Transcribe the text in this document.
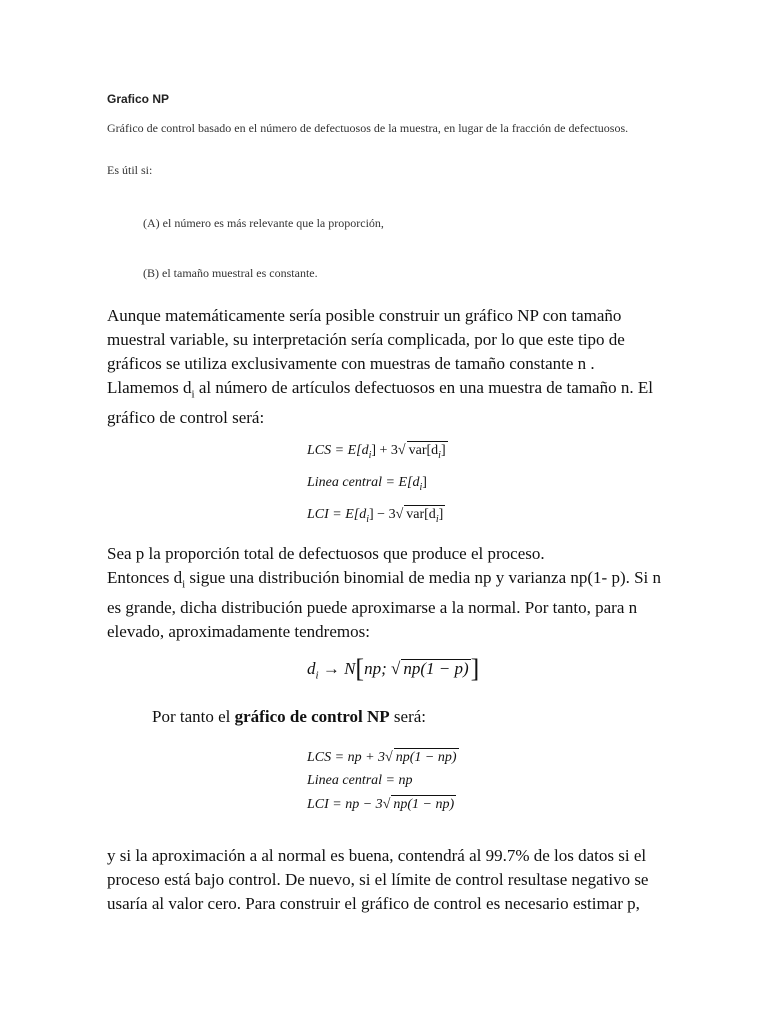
Grafico NP
Gráfico de control basado en el número de defectuosos de la muestra, en lugar de la fracción de defectuosos.
Es útil si:
(A) el número es más relevante que la proporción,
(B) el tamaño muestral es constante.
Aunque matemáticamente sería posible construir un gráfico NP con tamaño
muestral variable, su interpretación sería complicada, por lo que este tipo de
gráficos se utiliza exclusivamente con muestras de tamaño constante n .
Llamemos $d_i$ al número de artículos defectuosos en una muestra de tamaño n. El
gráfico de control será:
LCS = $E[d_i] + 3√$ $var[d_i]$
Linea central = $E[d_i]$
LCI = $E[d_i] - 3√$ $var[d_i]$
Sea p la proporción total de defectuosos que produce el proceso.
Entonces $d_i$ sigue una distribución binomial de media np y varianza np(1- p). Si n
es grande, dicha distribución puede aproximarse a la normal. Por tanto, para n
elevado, aproximadamente tendremos:
$d_i \to N[np$; √ np(1 − p)]
Por tanto el gráfico de control NP será:
LCS = np + 3√ np(1 − np)
Linea central = np
LCI = np − 3√ np(1 − np)
y si la aproximación a al normal es buena, contendrá al 99.7% de los datos si el
proceso está bajo control. De nuevo, si el límite de control resultase negativo se
usaría al valor cero. Para construir el gráfico de control es necesario estimar p,
